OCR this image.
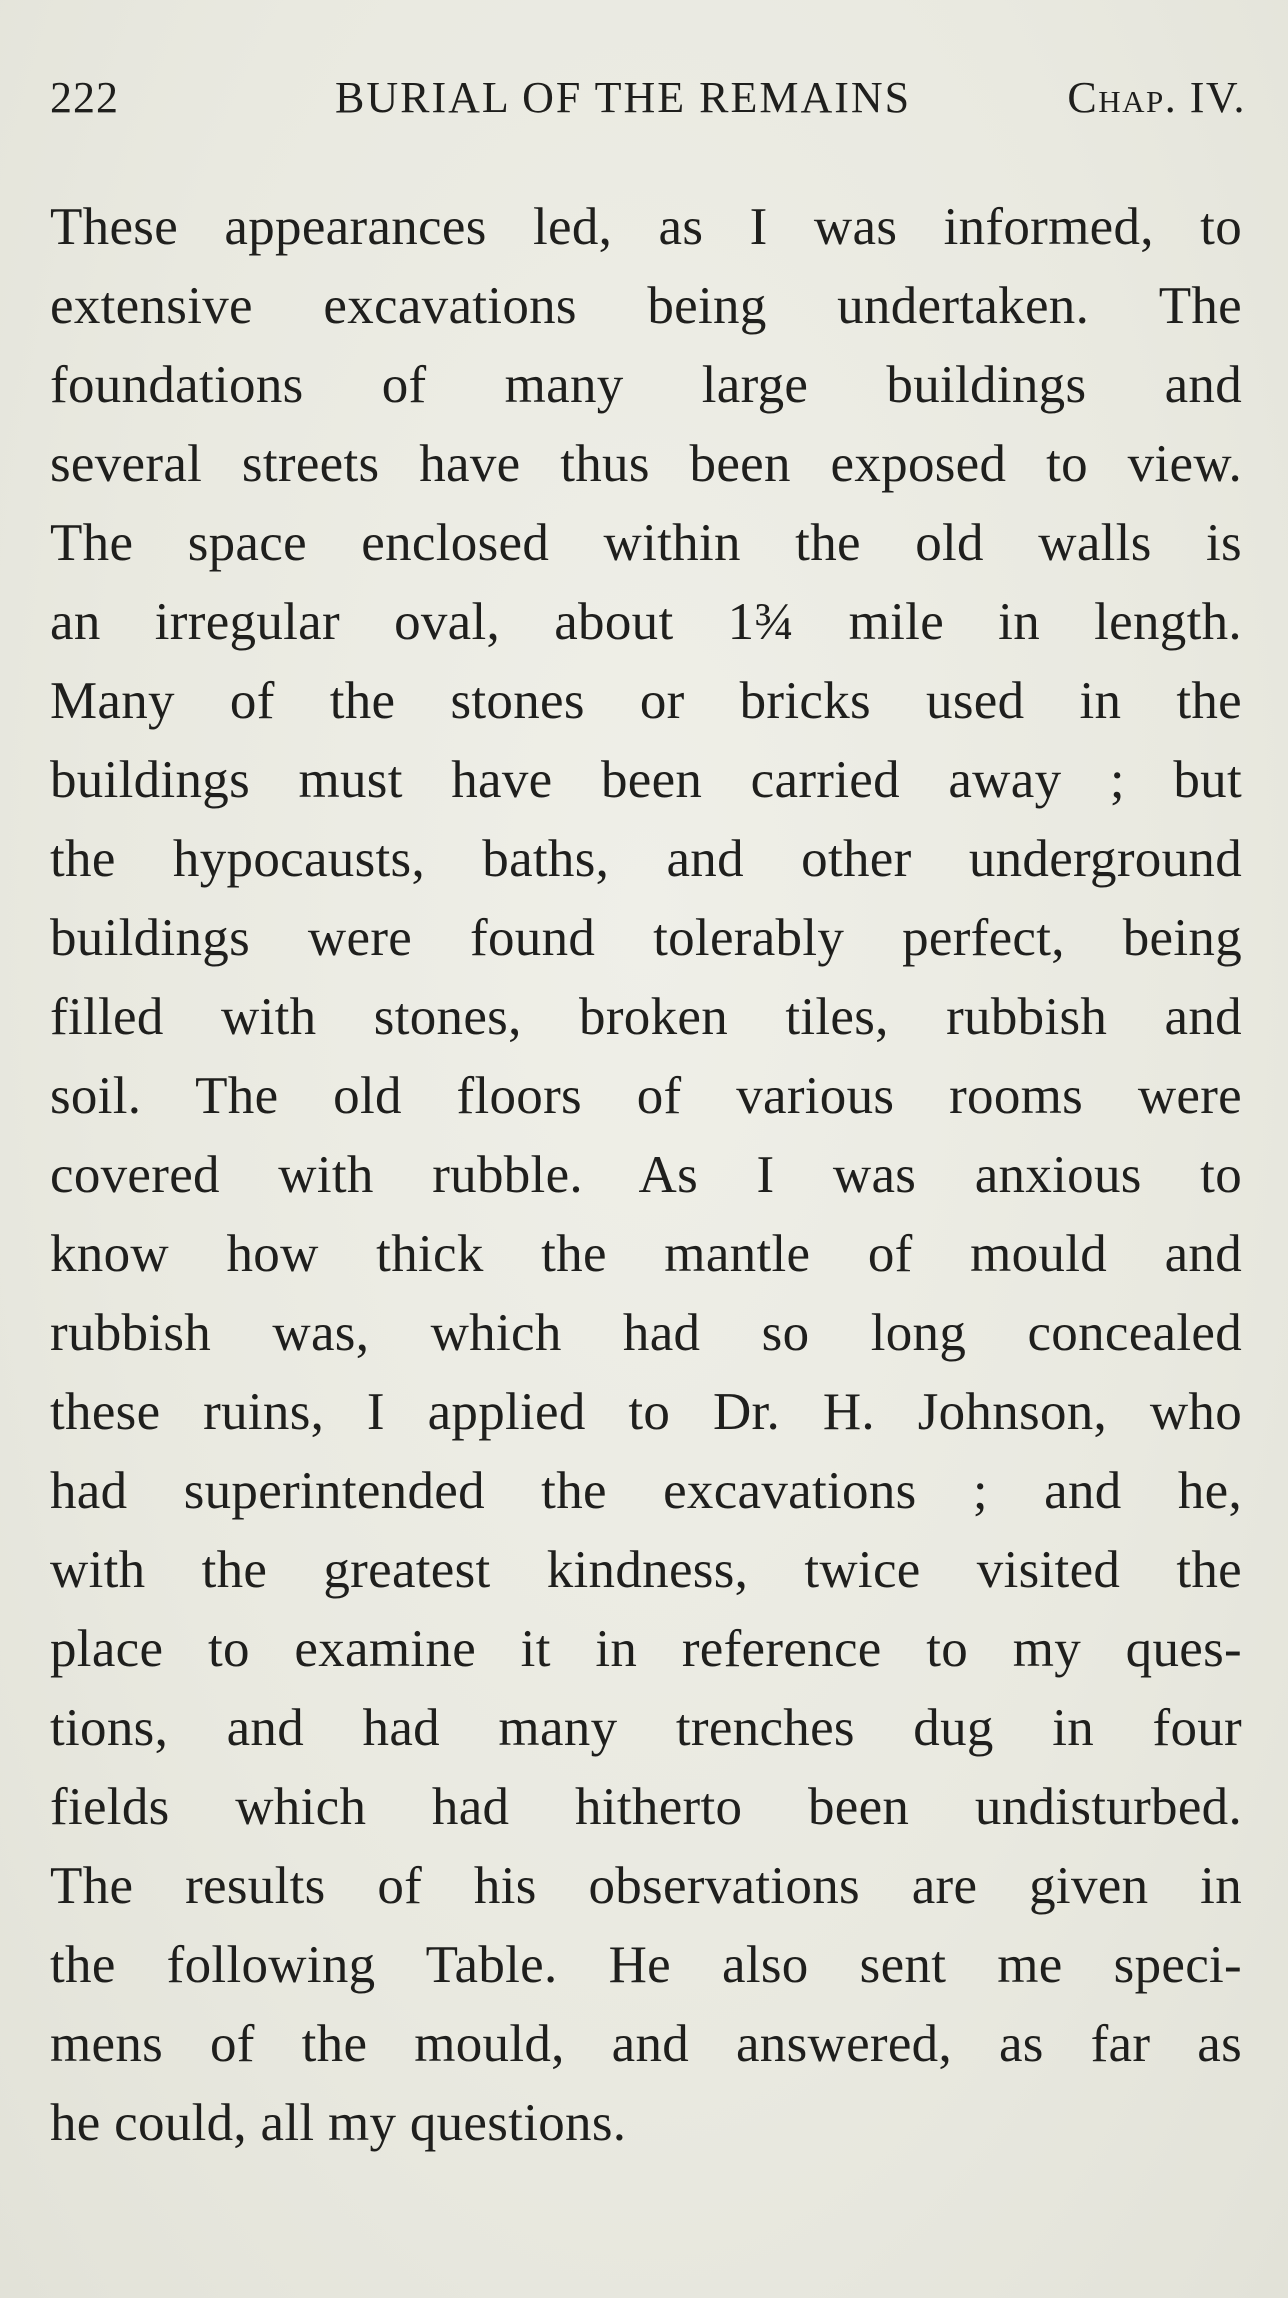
222	BURIAL OF THE REMAINS	Chap. IV.
These appearances led, as I was informed, to
extensive excavations being undertaken. The
foundations of many large buildings and
several streets have thus been exposed to view.
The space enclosed within the old walls is
an irregular oval, about 1¾ mile in length.
Many of the stones or bricks used in the
buildings must have been carried away ; but
the hypocausts, baths, and other underground
buildings were found tolerably perfect, being
filled with stones, broken tiles, rubbish and
soil. The old floors of various rooms were
covered with rubble. As I was anxious to
know how thick the mantle of mould and
rubbish was, which had so long concealed
these ruins, I applied to Dr. H. Johnson, who
had superintended the excavations ; and he,
with the greatest kindness, twice visited the
place to examine it in reference to my ques-
tions, and had many trenches dug in four
fields which had hitherto been undisturbed.
The results of his observations are given in
the following Table. He also sent me speci-
mens of the mould, and answered, as far as
he could, all my questions.
